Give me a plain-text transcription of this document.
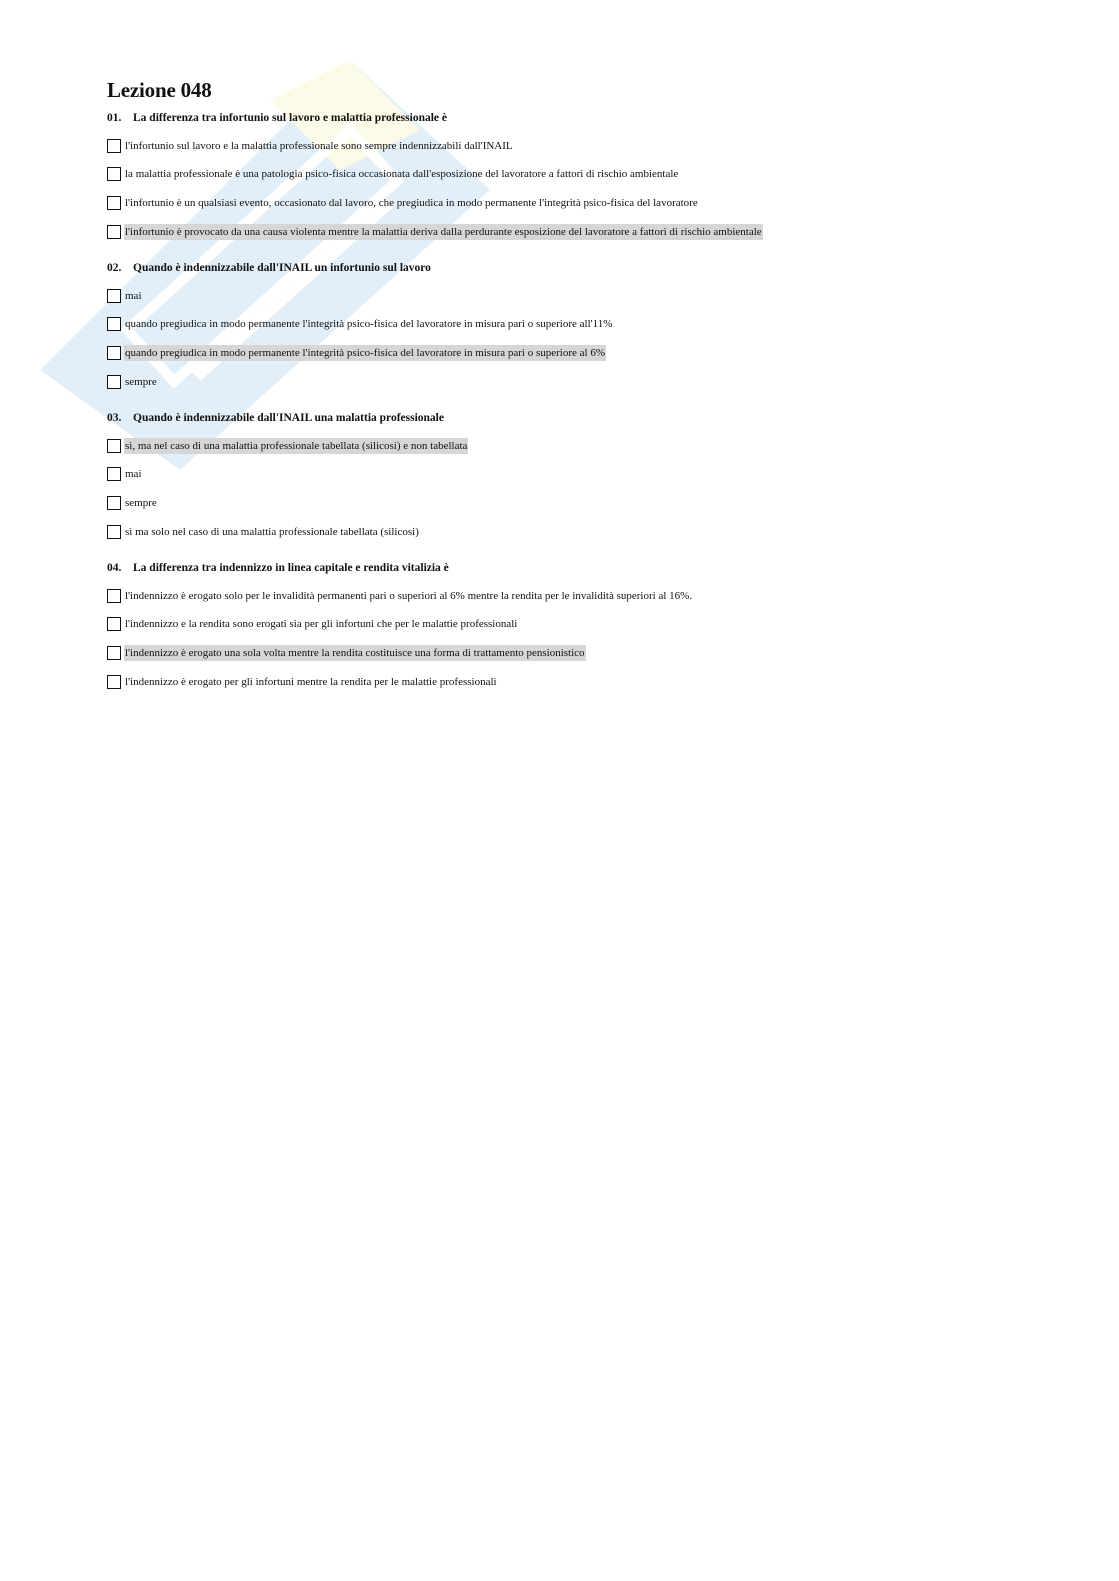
Lezione 048
01. La differenza tra infortunio sul lavoro e malattia professionale è
l'infortunio sul lavoro e la malattia professionale sono sempre indennizzabili dall'INAIL
la malattia professionale è una patologia psico-fisica occasionata dall'esposizione del lavoratore a fattori di rischio ambientale
l'infortunio è un qualsiasi evento, occasionato dal lavoro, che pregiudica in modo permanente l'integrità psico-fisica del lavoratore
l'infortunio è provocato da una causa violenta mentre la malattia deriva dalla perdurante esposizione del lavoratore a fattori di rischio ambientale
02. Quando è indennizzabile dall'INAIL un infortunio sul lavoro
mai
quando pregiudica in modo permanente l'integrità psico-fisica del lavoratore in misura pari o superiore all'11%
quando pregiudica in modo permanente l'integrità psico-fisica del lavoratore in misura pari o superiore al 6%
sempre
03. Quando è indennizzabile dall'INAIL una malattia professionale
sì, ma nel caso di una malattia professionale tabellata (silicosi) e non tabellata
mai
sempre
sì ma solo nel caso di una malattia professionale tabellata (silicosi)
04. La differenza tra indennizzo in linea capitale e rendita vitalizia è
l'indennizzo è erogato solo per le invalidità permanenti pari o superiori al 6% mentre la rendita per le invalidità superiori al 16%.
l'indennizzo e la rendita sono erogati sia per gli infortuni che per le malattie professionali
l'indennizzo è erogato una sola volta mentre la rendita costituisce una forma di trattamento pensionistico
l'indennizzo è erogato per gli infortuni mentre la rendita per le malattie professionali
